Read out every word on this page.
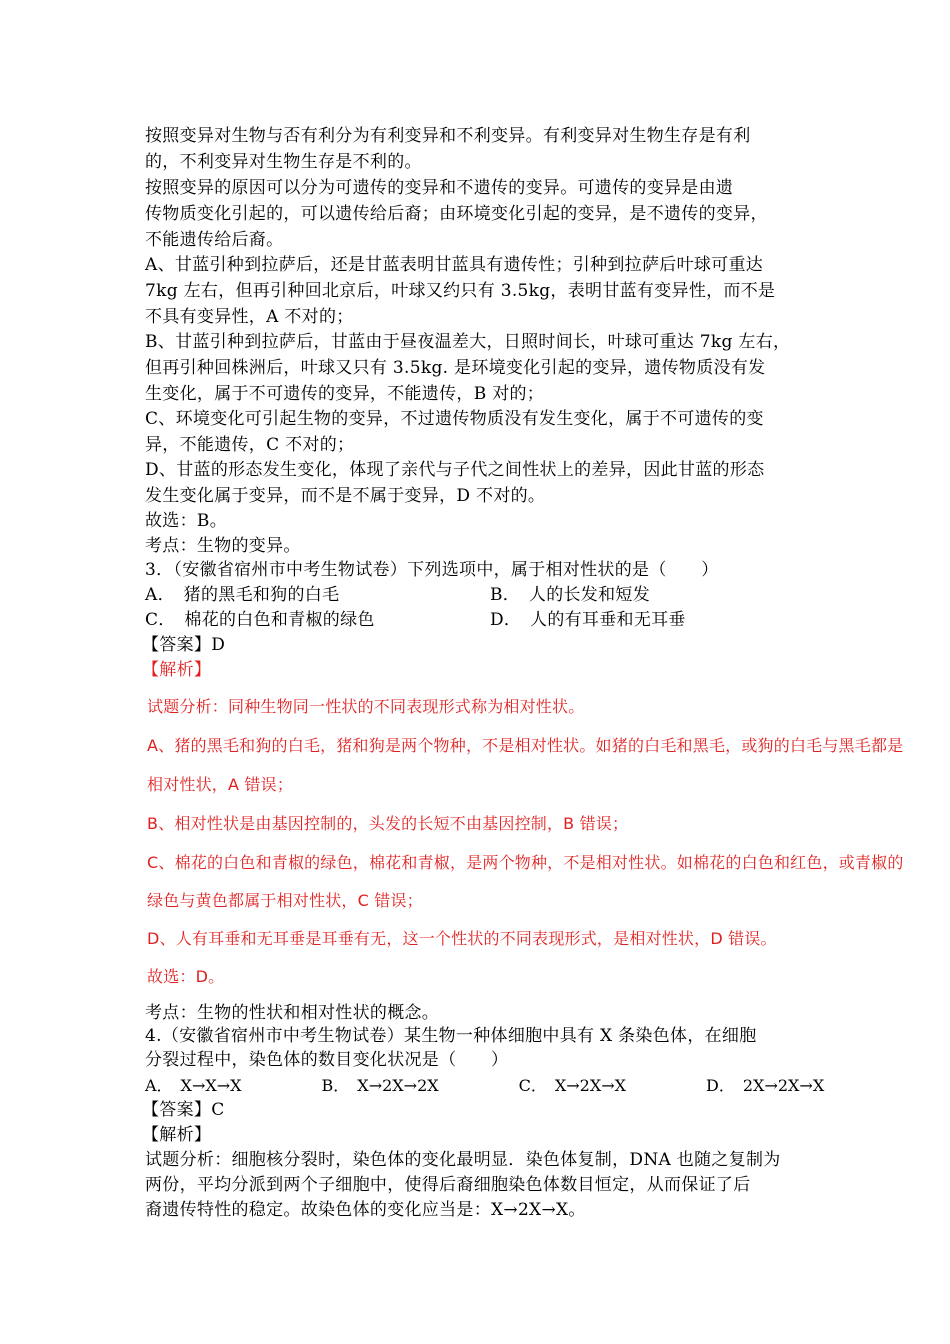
按照变异对生物与否有利分为有利变异和不利变异。有利变异对生物生存是有利
的，不利变异对生物生存是不利的。
按照变异的原因可以分为可遗传的变异和不遗传的变异。可遗传的变异是由遗
传物质变化引起的，可以遗传给后裔；由环境变化引起的变异，是不遗传的变异，
不能遗传给后裔。
A、甘蓝引种到拉萨后，还是甘蓝表明甘蓝具有遗传性；引种到拉萨后叶球可重达
7kg 左右，但再引种回北京后，叶球又约只有 3.5kg，表明甘蓝有变异性，而不是
不具有变异性，A 不对的；
B、甘蓝引种到拉萨后，甘蓝由于昼夜温差大，日照时间长，叶球可重达 7kg 左右，
但再引种回株洲后，叶球又只有 3.5kg. 是环境变化引起的变异，遗传物质没有发
生变化，属于不可遗传的变异，不能遗传，B 对的；
C、环境变化可引起生物的变异，不过遗传物质没有发生变化，属于不可遗传的变
异，不能遗传，C 不对的；
D、甘蓝的形态发生变化，体现了亲代与子代之间性状上的差异，因此甘蓝的形态
发生变化属于变异，而不是不属于变异，D 不对的。
故选：B。
考点：生物的变异。
3．（安徽省宿州市中考生物试卷）下列选项中，属于相对性状的是（　　）
A．　猪的黑毛和狗的白毛	B．　人的长发和短发
C．　棉花的白色和青椒的绿色	D．　人的有耳垂和无耳垂
【答案】D
【解析】
试题分析：同种生物同一性状的不同表现形式称为相对性状。
A、猪的黑毛和狗的白毛，猪和狗是两个物种，不是相对性状。如猪的白毛和黑毛，或狗的白毛与黑毛都是
相对性状，A 错误；
B、相对性状是由基因控制的，头发的长短不由基因控制，B 错误；
C、棉花的白色和青椒的绿色，棉花和青椒，是两个物种，不是相对性状。如棉花的白色和红色，或青椒的
绿色与黄色都属于相对性状，C 错误；
D、人有耳垂和无耳垂是耳垂有无，这一个性状的不同表现形式，是相对性状，D 错误。
故选：D。
考点：生物的性状和相对性状的概念。
4.（安徽省宿州市中考生物试卷）某生物一种体细胞中具有 X 条染色体，在细胞
分裂过程中，染色体的数目变化状况是（　　）
A．　X→X→X　　　　　B．　X→2X→2X　　　　　C．　X→2X→X　　　　　D．　2X→2X→X
【答案】C
【解析】
试题分析：细胞核分裂时，染色体的变化最明显．染色体复制，DNA 也随之复制为
两份，平均分派到两个子细胞中，使得后裔细胞染色体数目恒定，从而保证了后
裔遗传特性的稳定。故染色体的变化应当是：X→2X→X。
